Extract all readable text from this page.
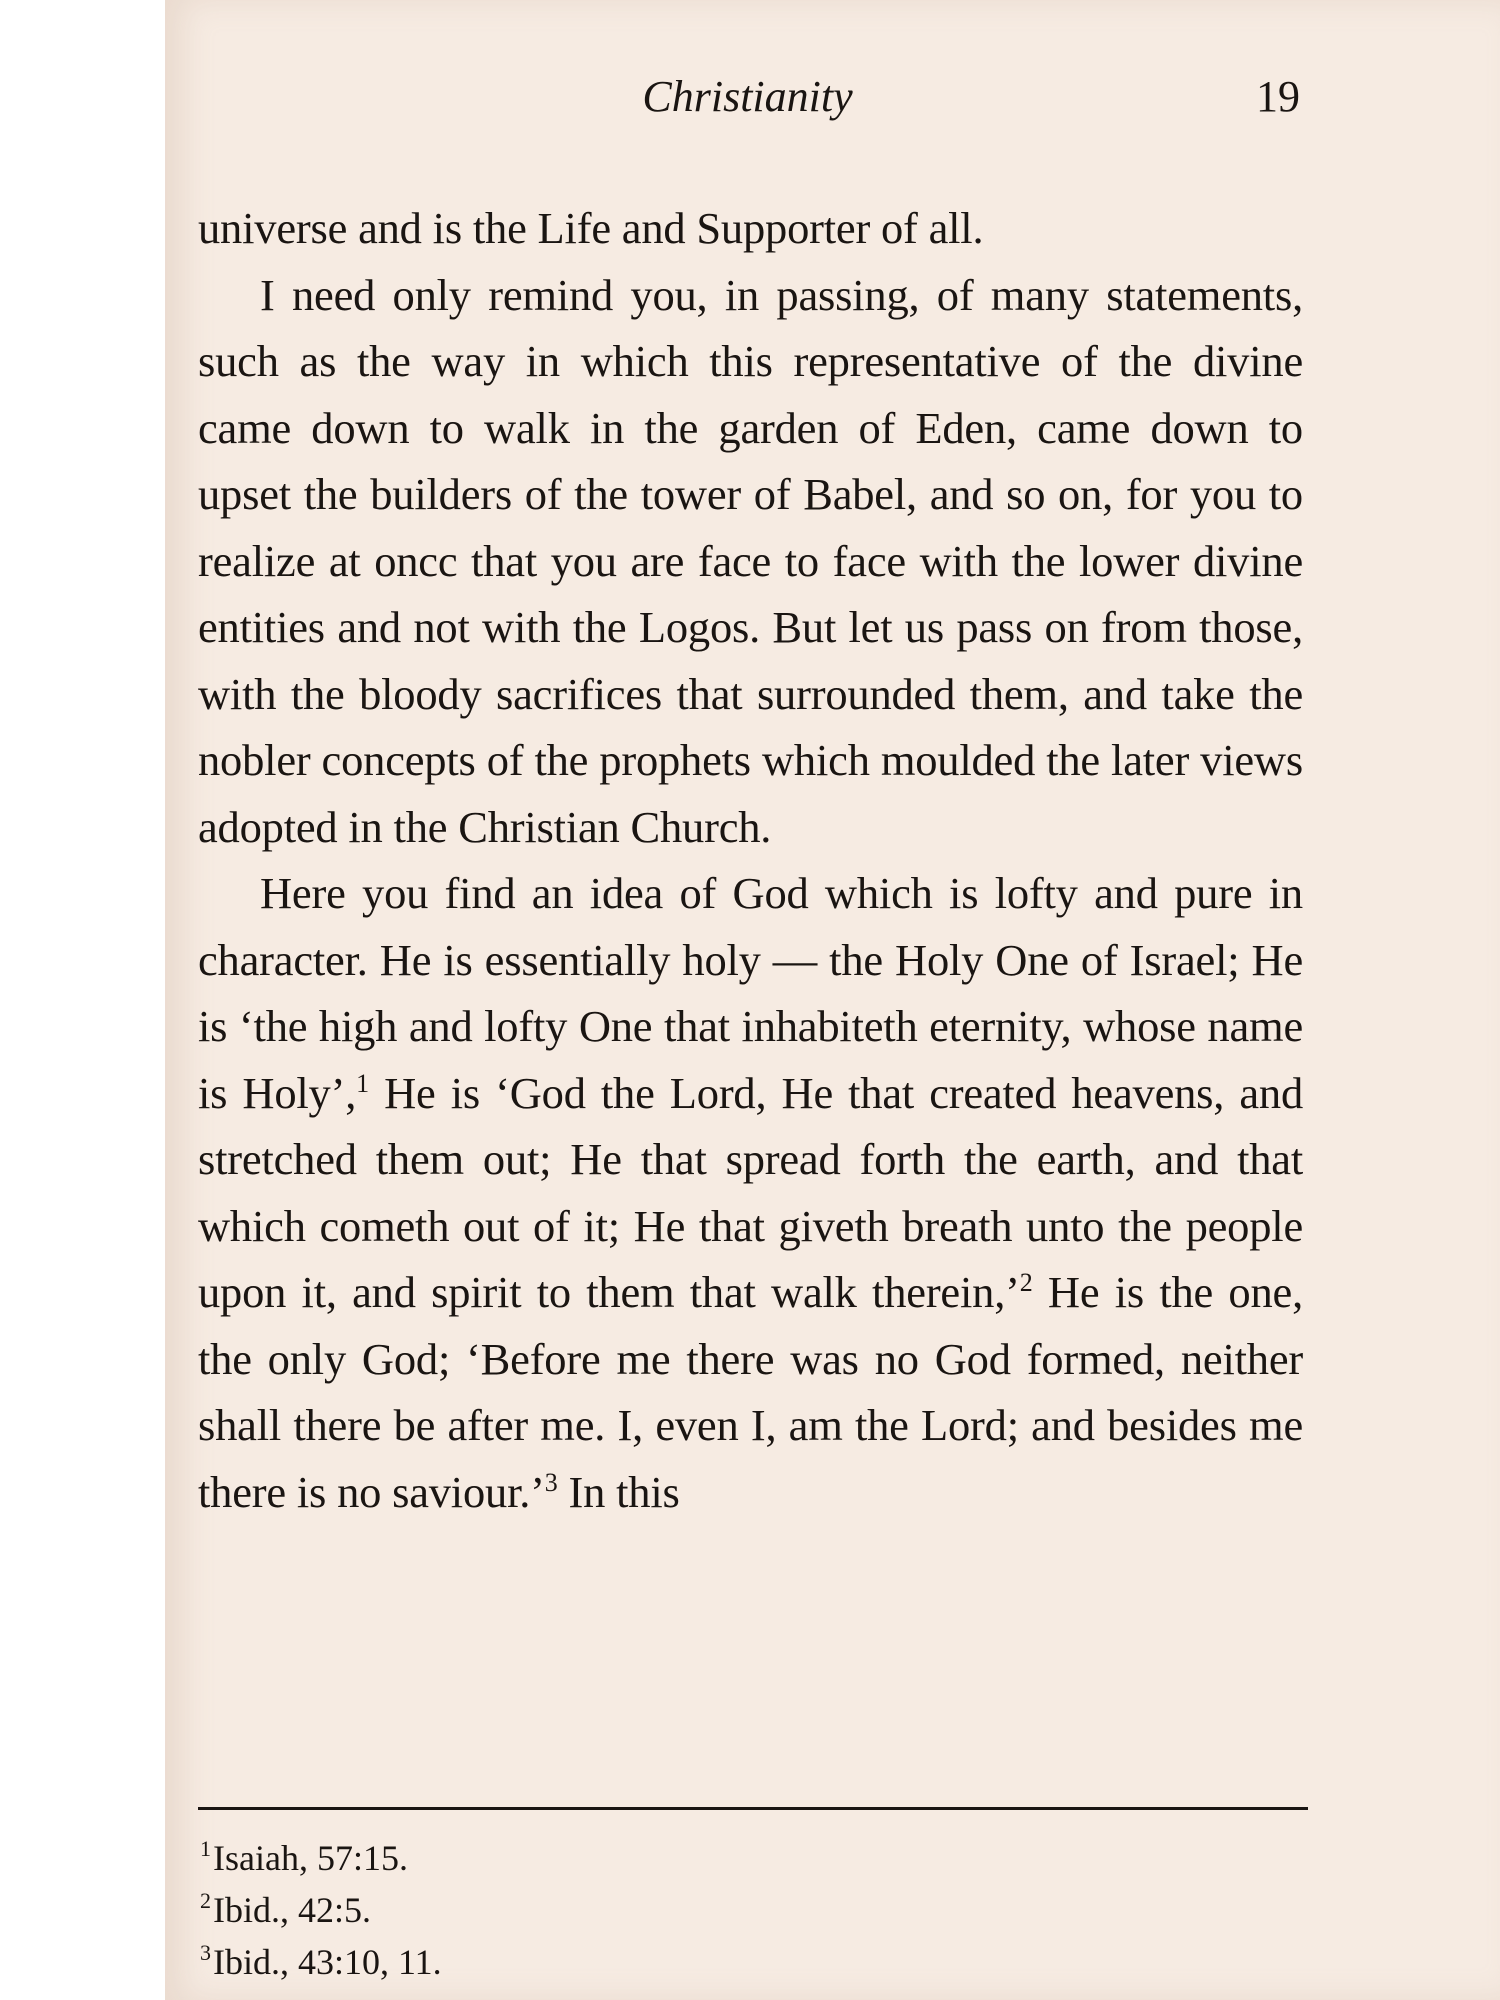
Christianity	19

universe and is the Life and Supporter of all.

I need only remind you, in passing, of many statements, such as the way in which this representative of the divine came down to walk in the garden of Eden, came down to upset the builders of the tower of Babel, and so on, for you to realize at oncc that you are face to face with the lower divine entities and not with the Logos. But let us pass on from those, with the bloody sacrifices that surrounded them, and take the nobler concepts of the prophets which moulded the later views adopted in the Christian Church.

Here you find an idea of God which is lofty and pure in character. He is essentially holy — the Holy One of Israel; He is ‘the high and lofty One that inhabiteth eternity, whose name is Holy’,$^1$ He is ‘God the Lord, He that created heavens, and stretched them out; He that spread forth the earth, and that which cometh out of it; He that giveth breath unto the people upon it, and spirit to them that walk therein,’$^2$ He is the one, the only God; ‘Before me there was no God formed, neither shall there be after me. I, even I, am the Lord; and besides me there is no saviour.’$^3$ In this

$^1$Isaiah, 57:15.
$^2$Ibid., 42:5.
$^3$Ibid., 43:10, 11.
